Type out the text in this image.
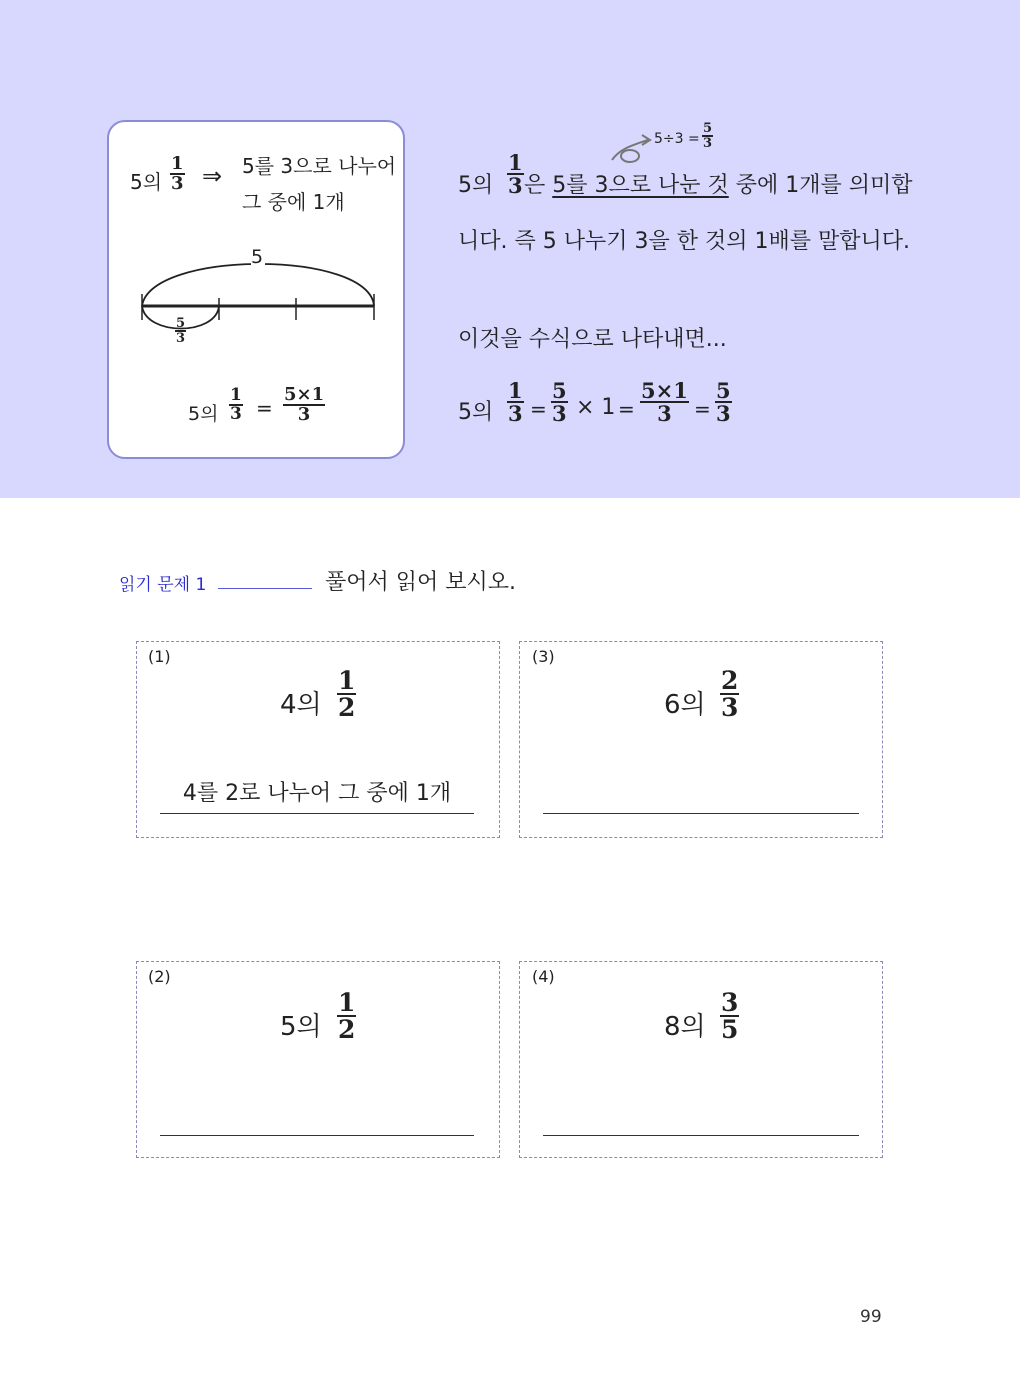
5의
1
3 ⇒ 5를 3으로 나누어
그 중에 1개
5
5
3
5의
1
3 =
5×1
3
5÷3 =
5
3
5의
1
3 은 5를 3으로 나눈 것 중에 1개를 의미합
니다. 즉 5 나누기 3을 한 것의 1배를 말합니다.
이것을 수식으로 나타내면...
5의
1
3 =
5
3 × 1 =
5×1
3 =
5
3
읽기 문제 1	풀어서 읽어 보시오.
(1)
4의
1
2
4를 2로 나누어 그 중에 1개
(3)
6의
2
3
(2)
5의
1
2
(4)
8의
3
5
99
